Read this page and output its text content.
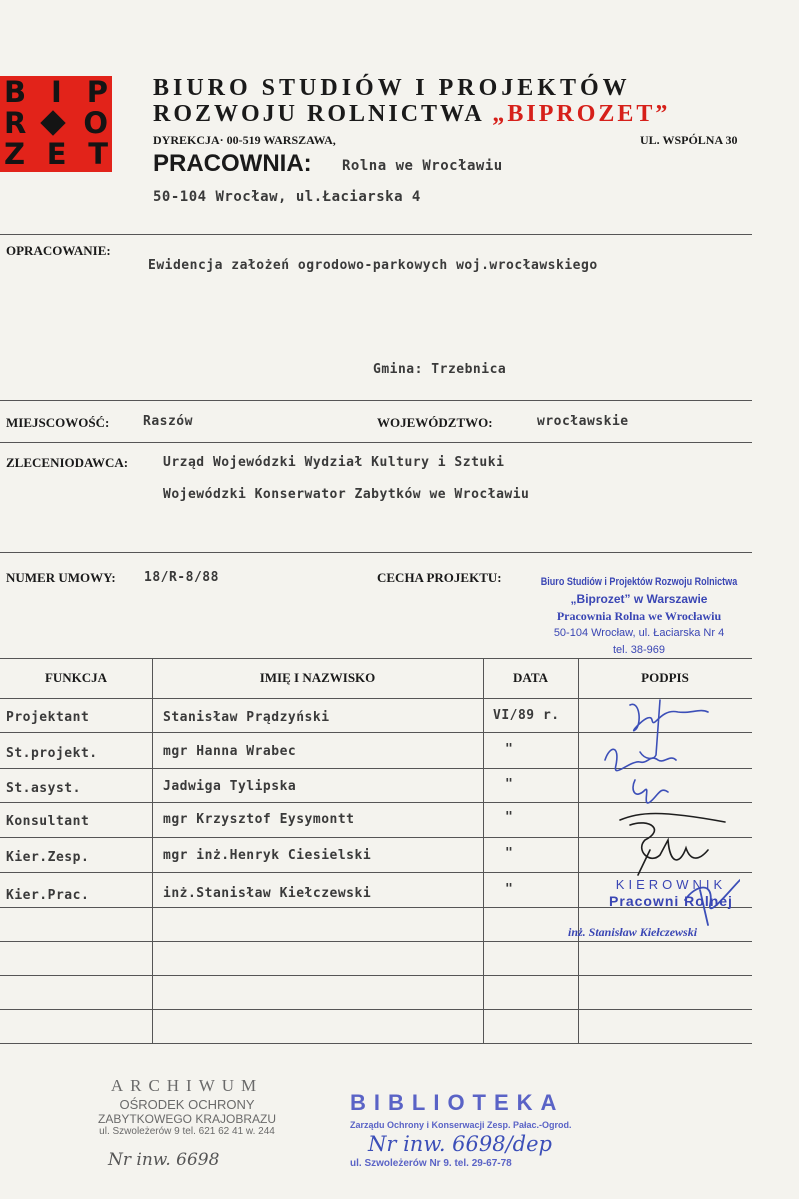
B I P
R O
Z E T
BIURO STUDIÓW I PROJEKTÓW
ROZWOJU ROLNICTWA „BIPROZET”
DYREKCJA· 00-519 WARSZAWA,	UL. WSPÓLNA 30
PRACOWNIA: Rolna we Wrocławiu
50-104 Wrocław, ul.Łaciarska 4
OPRACOWANIE:
Ewidencja założeń ogrodowo-parkowych woj.wrocławskiego
Gmina: Trzebnica
MIEJSCOWOŚĆ:	Raszów	WOJEWÓDZTWO:	wrocławskie
ZLECENIODAWCA:	Urząd Wojewódzki Wydział Kultury i Sztuki
Wojewódzki Konserwator Zabytków we Wrocławiu
NUMER UMOWY: 18/R-8/88	CECHA PROJEKTU:	Biuro Studiów i Projektów Rozwoju Rolnictwa
„Biprozet” w Warszawie
Pracownia Rolna we Wrocławiu
50-104 Wrocław, ul. Łaciarska Nr 4
tel. 38-969
FUNKCJA	IMIĘ I NAZWISKO	DATA	PODPIS
Projektant	Stanisław Prądzyński	VI/89 r.
St.projekt.	mgr Hanna Wrabec	"
St.asyst.	Jadwiga Tylipska	"
Konsultant	mgr Krzysztof Eysymontt	"
Kier.Zesp.	mgr inż.Henryk Ciesielski	"
Kier.Prac.	inż.Stanisław Kiełczewski	"	KIEROWNIK
Pracowni Rolnej
inż. Stanisław Kiełczewski
ARCHIWUM
OŚRODEK OCHRONY
ZABYTKOWEGO KRAJOBRAZU
ul. Szwoleżerów 9 tel. 621 62 41 w. 244
Nr inw. 6698
BIBLIOTEKA
Zarządu Ochrony i Konserwacji Zesp. Pałac.-Ogrod.
ul. Szwoleżerów Nr 9. tel. 29-67-78
Nr inw. 6698/dep
